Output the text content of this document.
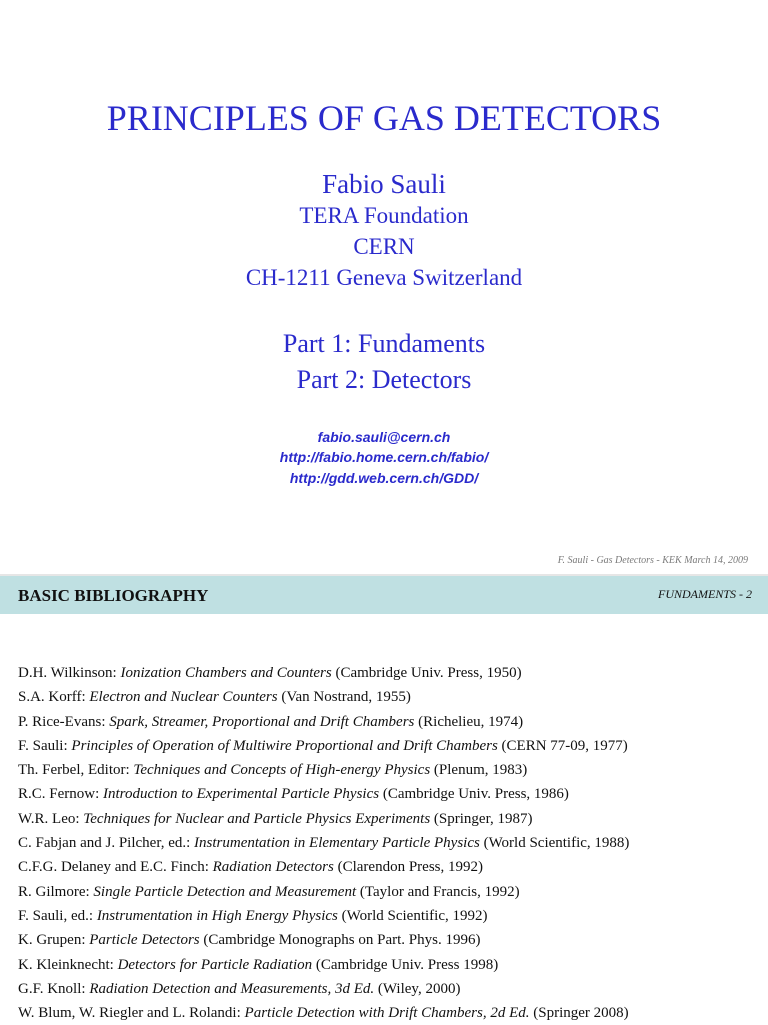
PRINCIPLES OF GAS DETECTORS
Fabio Sauli
TERA Foundation
CERN
CH-1211 Geneva Switzerland
Part 1: Fundaments
Part 2: Detectors
fabio.sauli@cern.ch
http://fabio.home.cern.ch/fabio/
http://gdd.web.cern.ch/GDD/
F. Sauli - Gas Detectors - KEK March 14, 2009
BASIC BIBLIOGRAPHY	FUNDAMENTS - 2
D.H. Wilkinson: Ionization Chambers and Counters (Cambridge Univ. Press, 1950)
S.A. Korff: Electron and Nuclear Counters (Van Nostrand, 1955)
P. Rice-Evans: Spark, Streamer, Proportional and Drift Chambers (Richelieu, 1974)
F. Sauli: Principles of Operation of Multiwire Proportional and Drift Chambers (CERN 77-09, 1977)
Th. Ferbel, Editor: Techniques and Concepts of High-energy Physics (Plenum, 1983)
R.C. Fernow: Introduction to Experimental Particle Physics (Cambridge Univ. Press, 1986)
W.R. Leo: Techniques for Nuclear and Particle Physics Experiments (Springer, 1987)
C. Fabjan and J. Pilcher, ed.: Instrumentation in Elementary Particle Physics (World Scientific, 1988)
C.F.G. Delaney and E.C. Finch: Radiation Detectors (Clarendon Press, 1992)
R. Gilmore: Single Particle Detection and Measurement (Taylor and Francis, 1992)
F. Sauli, ed.: Instrumentation in High Energy Physics (World Scientific, 1992)
K. Grupen: Particle Detectors (Cambridge Monographs on Part. Phys. 1996)
K. Kleinknecht: Detectors for Particle Radiation (Cambridge Univ. Press 1998)
G.F. Knoll: Radiation Detection and Measurements, 3d Ed. (Wiley, 2000)
W. Blum, W. Riegler and L. Rolandi: Particle Detection with Drift Chambers, 2d Ed. (Springer 2008)
